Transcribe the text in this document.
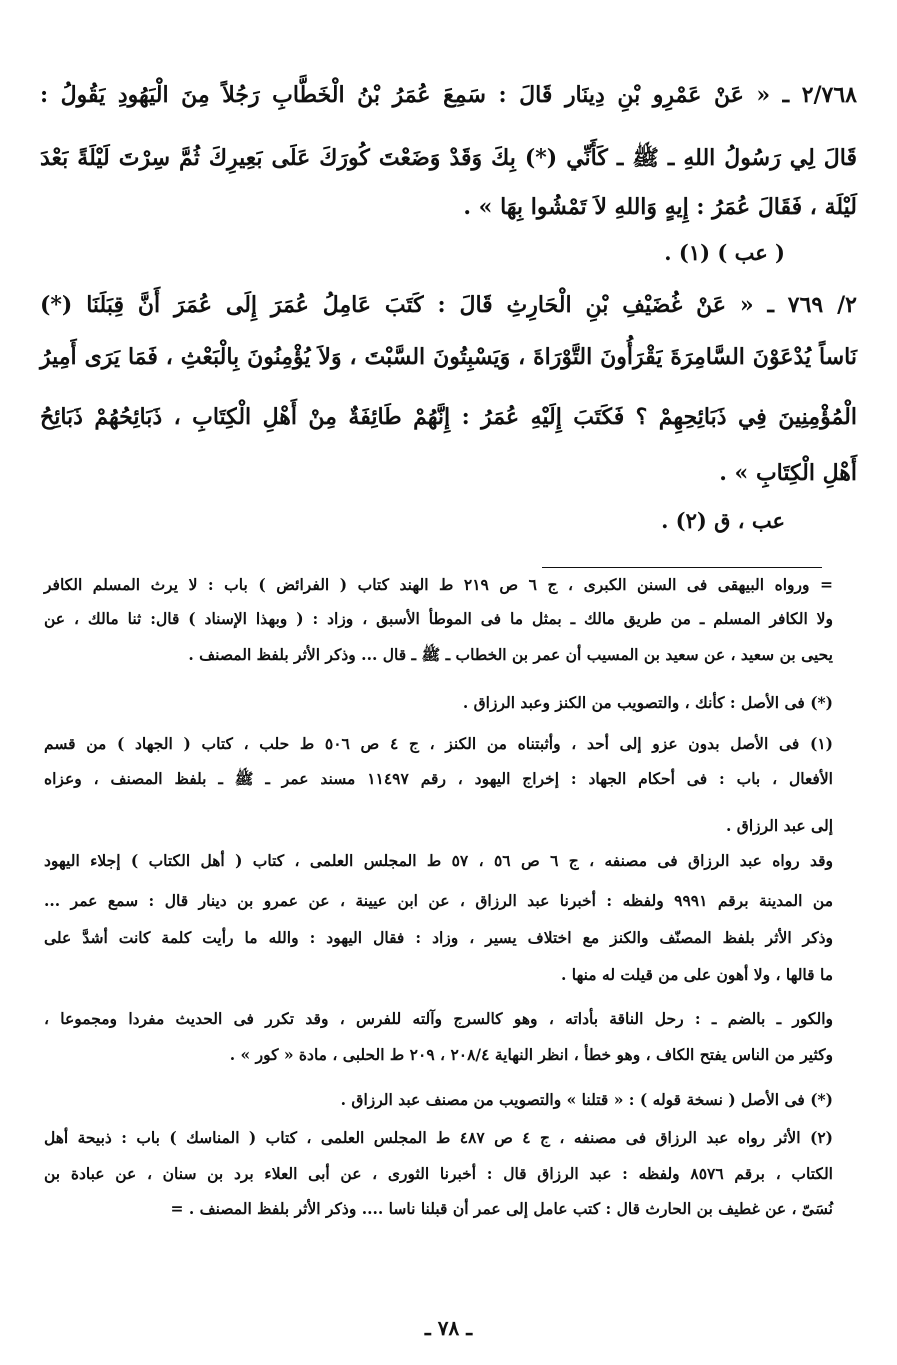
٢/٧٦٨ ـ « عَنْ عَمْرِو بْنِ دِينَار قَالَ : سَمِعَ عُمَرُ بْنُ الْخَطَّابِ رَجُلاً مِنَ الْيَهُودِ يَقُولُ :
قَالَ لِي رَسُولُ اللهِ ـ ﷺ ـ كَأَنِّي (*) بِكَ وَقَدْ وَضَعْتَ كُورَكَ عَلَى بَعِيرِكَ ثُمَّ سِرْتَ لَيْلَةً بَعْدَ
لَيْلَة ، فَقَالَ عُمَرُ : إِيهٍ وَاللهِ لاَ تَمْشُوا بِهَا » .
( عب ) (١) .
٢/ ٧٦٩ ـ « عَنْ غُضَيْفِ بْنِ الْحَارِثِ قَالَ : كَتَبَ عَامِلُ عُمَرَ إِلَى عُمَرَ أَنَّ قِبَلَنَا (*)
نَاساً يُدْعَوْنَ السَّامِرَةَ يَقْرَأُونَ التَّوْرَاةَ ، وَيَسْبِتُونَ السَّبْتَ ، وَلاَ يُؤْمِنُونَ بِالْبَعْثِ ، فَمَا يَرَى أَمِيرُ
الْمُؤْمِنِينَ فِي ذَبَائِحِهِمْ ؟ فَكَتَبَ إِلَيْهِ عُمَرُ : إِنَّهُمْ طَائِفَةٌ مِنْ أَهْلِ الْكِتَابِ ، ذَبَائِحُهُمْ ذَبَائِحُ
أَهْلِ الْكِتَابِ » .
عب ، ق (٢) .
= ورواه البيهقى فى السنن الكبرى ، ج ٦ ص ٢١٩ ط الهند كتاب ( الفرائض ) باب : لا يرث المسلم الكافر
ولا الكافر المسلم ـ من طريق مالك ـ بمثل ما فى الموطأ الأسبق ، وزاد : ( وبهذا الإسناد ) قال: ثنا مالك ، عن
يحيى بن سعيد ، عن سعيد بن المسيب أن عمر بن الخطاب ـ ﷺ ـ قال ... وذكر الأثر بلفظ المصنف .
(*) فى الأصل : كأنك ، والتصويب من الكنز وعبد الرزاق .
(١) فى الأصل بدون عزو إلى أحد ، وأثبتناه من الكنز ، ج ٤ ص ٥٠٦ ط حلب ، كتاب ( الجهاد ) من قسم
الأفعال ، باب : فى أحكام الجهاد : إخراج اليهود ، رقم ١١٤٩٧ مسند عمر ـ ﷺ ـ بلفظ المصنف ، وعزاه
إلى عبد الرزاق .
وقد رواه عبد الرزاق فى مصنفه ، ج ٦ ص ٥٦ ، ٥٧ ط المجلس العلمى ، كتاب ( أهل الكتاب ) إجلاء اليهود
من المدينة برقم ٩٩٩١ ولفظه : أخبرنا عبد الرزاق ، عن ابن عيينة ، عن عمرو بن دينار قال : سمع عمر ...
وذكر الأثر بلفظ المصنّف والكنز مع اختلاف يسير ، وزاد : فقال اليهود : والله ما رأيت كلمة كانت أشدَّ على
ما قالها ، ولا أهون على من قيلت له منها .
والكور ـ بالضم ـ : رحل الناقة بأداته ، وهو كالسرج وآلته للفرس ، وقد تكرر فى الحديث مفردا ومجموعا ،
وكثير من الناس يفتح الكاف ، وهو خطأ ، انظر النهاية ٢٠٨/٤ ، ٢٠٩ ط الحلبى ، مادة « كور » .
(*) فى الأصل ( نسخة قوله ) : « قتلنا » والتصويب من مصنف عبد الرزاق .
(٢) الأثر رواه عبد الرزاق فى مصنفه ، ج ٤ ص ٤٨٧ ط المجلس العلمى ، كتاب ( المناسك ) باب : ذبيحة أهل
الكتاب ، برقم ٨٥٧٦ ولفظه : عبد الرزاق قال : أخبرنا الثورى ، عن أبى العلاء برد بن سنان ، عن عبادة بن
نُسَىّ ، عن غطيف بن الحارث قال : كتب عامل إلى عمر أن قبلنا ناسا .... وذكر الأثر بلفظ المصنف . =
ـ ٧٨ ـ
